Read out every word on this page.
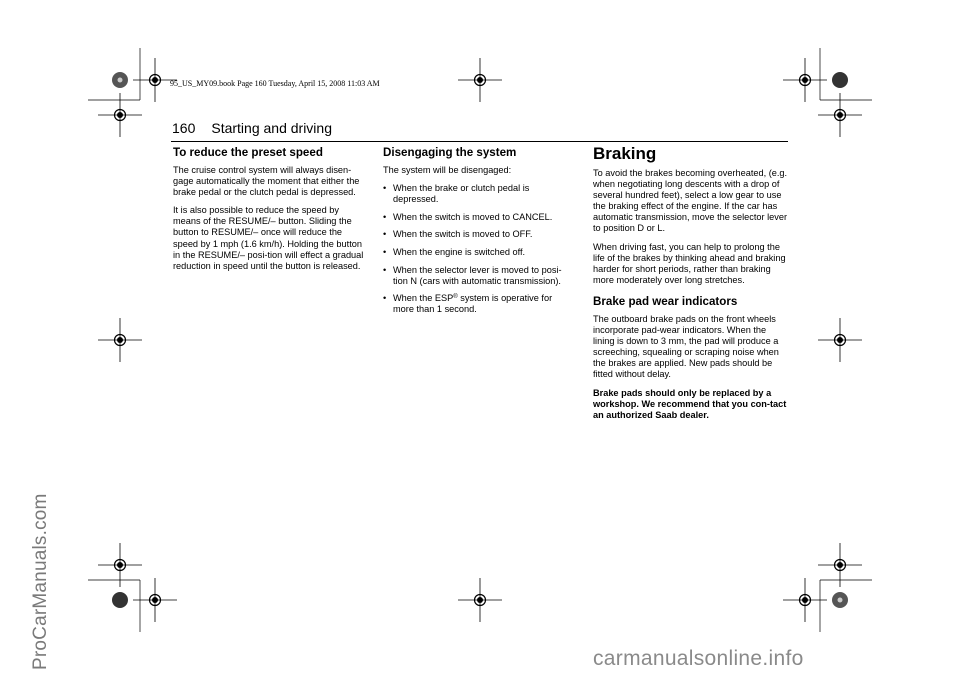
95_US_MY09.book Page 160 Tuesday, April 15, 2008 11:03 AM
ProCarManuals.com
160 Starting and driving
To reduce the preset speed

The cruise control system will always disen-gage automatically the moment that either the brake pedal or the clutch pedal is depressed.

It is also possible to reduce the speed by means of the RESUME/– button. Sliding the button to RESUME/– once will reduce the speed by 1 mph (1.6 km/h). Holding the button in the RESUME/– posi-tion will effect a gradual reduction in speed until the button is released.

Disengaging the system

The system will be disengaged:

• When the brake or clutch pedal is depressed.
• When the switch is moved to CANCEL.
• When the switch is moved to OFF.
• When the engine is switched off.
• When the selector lever is moved to posi-tion N (cars with automatic transmission).
• When the ESP® system is operative for more than 1 second.
Braking

To avoid the brakes becoming overheated, (e.g. when negotiating long descents with a drop of several hundred feet), select a low gear to use the braking effect of the engine. If the car has automatic transmission, move the selector lever to position D or L.

When driving fast, you can help to prolong the life of the brakes by thinking ahead and braking harder for short periods, rather than braking more moderately over long stretches.

Brake pad wear indicators

The outboard brake pads on the front wheels incorporate pad-wear indicators. When the lining is down to 3 mm, the pad will produce a screeching, squealing or scraping noise when the brakes are applied. New pads should be fitted without delay.

Brake pads should only be replaced by a workshop. We recommend that you con-tact an authorized Saab dealer.

carmanualsonline.info
